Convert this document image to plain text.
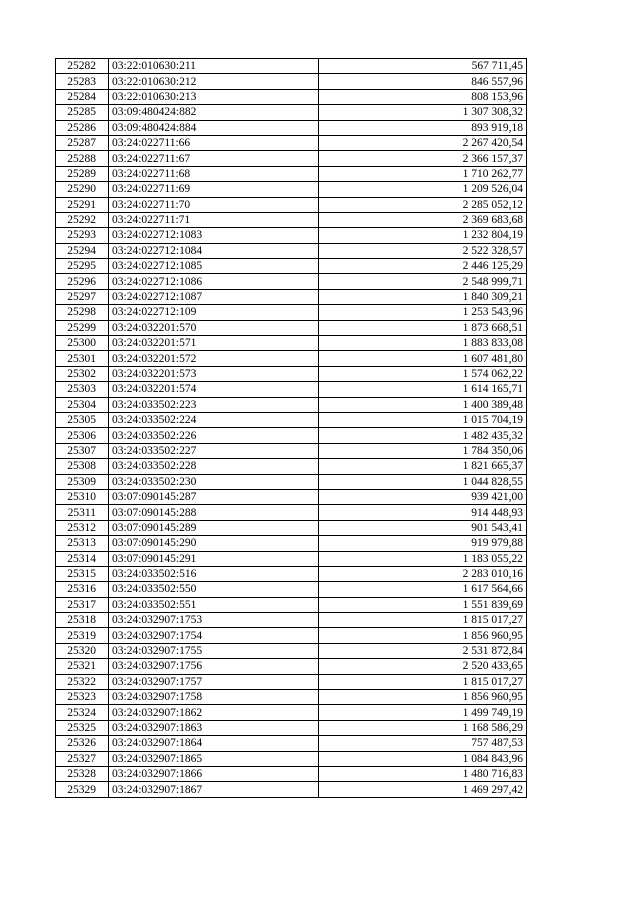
25282	03:22:010630:211	567 711,45
25283	03:22:010630:212	846 557,96
25284	03:22:010630:213	808 153,96
25285	03:09:480424:882	1 307 308,32
25286	03:09:480424:884	893 919,18
25287	03:24:022711:66	2 267 420,54
25288	03:24:022711:67	2 366 157,37
25289	03:24:022711:68	1 710 262,77
25290	03:24:022711:69	1 209 526,04
25291	03:24:022711:70	2 285 052,12
25292	03:24:022711:71	2 369 683,68
25293	03:24:022712:1083	1 232 804,19
25294	03:24:022712:1084	2 522 328,57
25295	03:24:022712:1085	2 446 125,29
25296	03:24:022712:1086	2 548 999,71
25297	03:24:022712:1087	1 840 309,21
25298	03:24:022712:109	1 253 543,96
25299	03:24:032201:570	1 873 668,51
25300	03:24:032201:571	1 883 833,08
25301	03:24:032201:572	1 607 481,80
25302	03:24:032201:573	1 574 062,22
25303	03:24:032201:574	1 614 165,71
25304	03:24:033502:223	1 400 389,48
25305	03:24:033502:224	1 015 704,19
25306	03:24:033502:226	1 482 435,32
25307	03:24:033502:227	1 784 350,06
25308	03:24:033502:228	1 821 665,37
25309	03:24:033502:230	1 044 828,55
25310	03:07:090145:287	939 421,00
25311	03:07:090145:288	914 448,93
25312	03:07:090145:289	901 543,41
25313	03:07:090145:290	919 979,88
25314	03:07:090145:291	1 183 055,22
25315	03:24:033502:516	2 283 010,16
25316	03:24:033502:550	1 617 564,66
25317	03:24:033502:551	1 551 839,69
25318	03:24:032907:1753	1 815 017,27
25319	03:24:032907:1754	1 856 960,95
25320	03:24:032907:1755	2 531 872,84
25321	03:24:032907:1756	2 520 433,65
25322	03:24:032907:1757	1 815 017,27
25323	03:24:032907:1758	1 856 960,95
25324	03:24:032907:1862	1 499 749,19
25325	03:24:032907:1863	1 168 586,29
25326	03:24:032907:1864	757 487,53
25327	03:24:032907:1865	1 084 843,96
25328	03:24:032907:1866	1 480 716,83
25329	03:24:032907:1867	1 469 297,42
